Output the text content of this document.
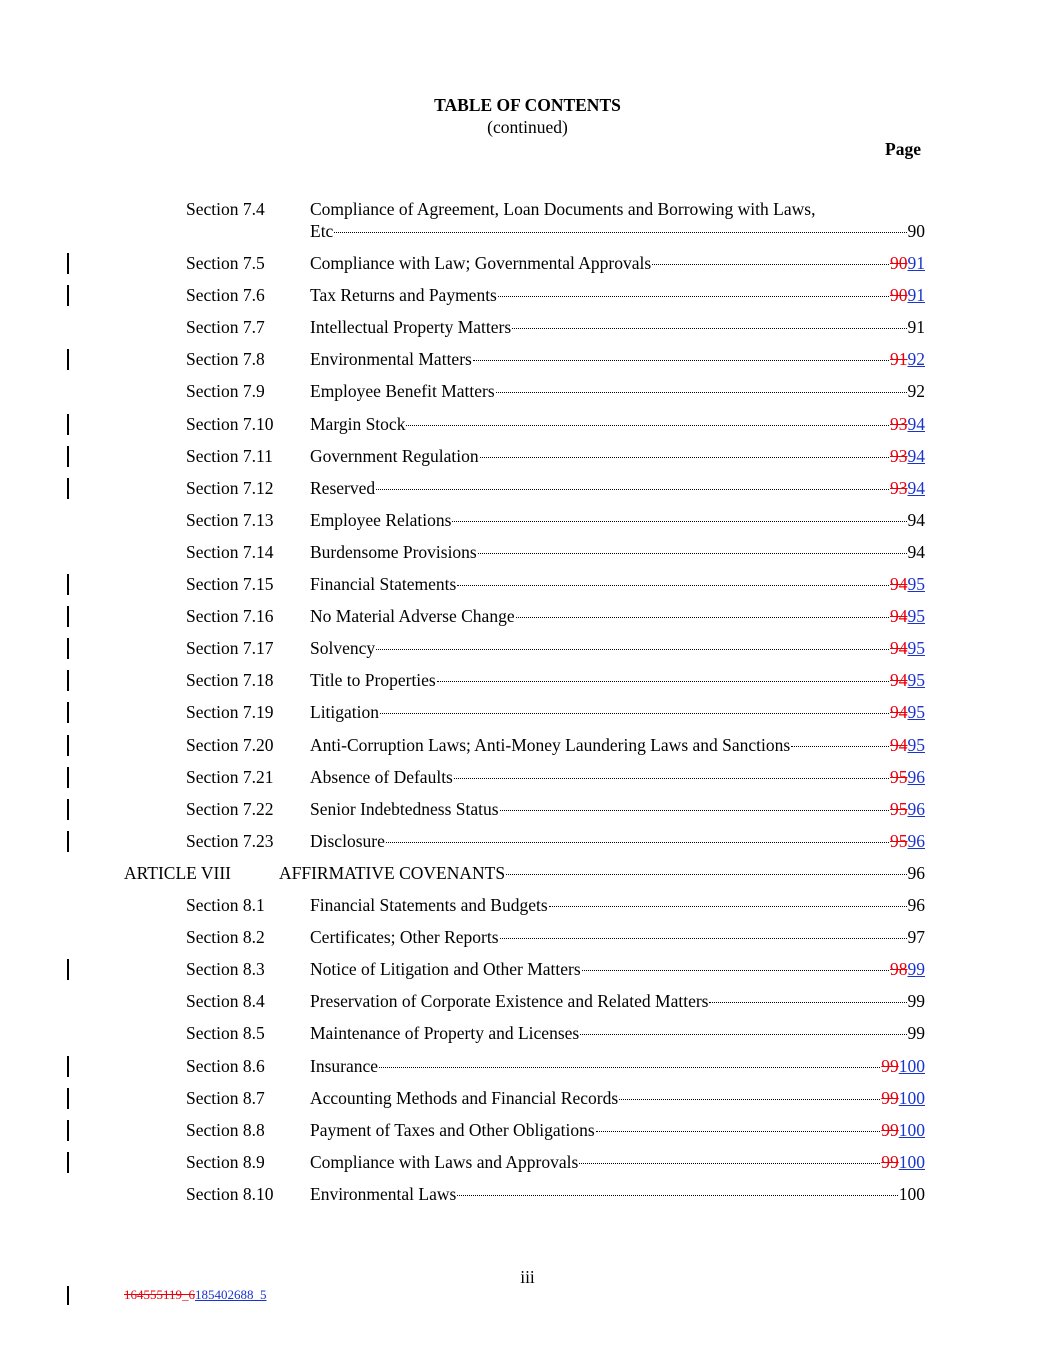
TABLE OF CONTENTS
(continued)
Page
Section 7.4	Compliance of Agreement, Loan Documents and Borrowing with Laws,
Etc	90
Section 7.5	Compliance with Law; Governmental Approvals	9091
Section 7.6	Tax Returns and Payments	9091
Section 7.7	Intellectual Property Matters	91
Section 7.8	Environmental Matters	9192
Section 7.9	Employee Benefit Matters	92
Section 7.10 Margin Stock	9394
Section 7.11 Government Regulation	9394
Section 7.12 Reserved	9394
Section 7.13 Employee Relations	94
Section 7.14 Burdensome Provisions	94
Section 7.15 Financial Statements	9495
Section 7.16 No Material Adverse Change	9495
Section 7.17 Solvency	9495
Section 7.18 Title to Properties	9495
Section 7.19 Litigation	9495
Section 7.20 Anti-Corruption Laws; Anti-Money Laundering Laws and Sanctions	9495
Section 7.21 Absence of Defaults	9596
Section 7.22 Senior Indebtedness Status	9596
Section 7.23 Disclosure	9596
ARTICLE VIII	AFFIRMATIVE COVENANTS	96
Section 8.1	Financial Statements and Budgets	96
Section 8.2	Certificates; Other Reports	97
Section 8.3	Notice of Litigation and Other Matters	9899
Section 8.4	Preservation of Corporate Existence and Related Matters	99
Section 8.5	Maintenance of Property and Licenses	99
Section 8.6	Insurance	99100
Section 8.7	Accounting Methods and Financial Records	99100
Section 8.8	Payment of Taxes and Other Obligations	99100
Section 8.9	Compliance with Laws and Approvals	99100
Section 8.10 Environmental Laws	100
iii
164555119_6185402688_5
